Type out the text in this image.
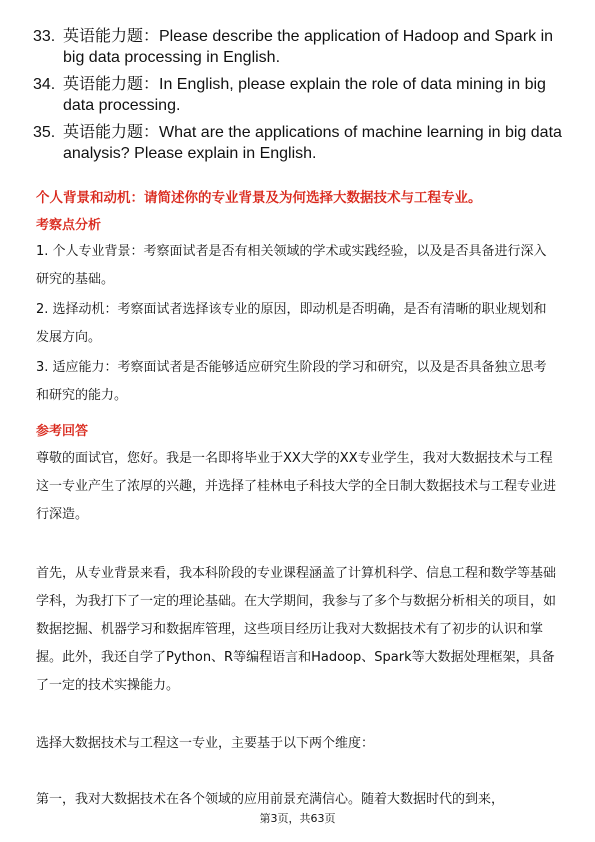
33. 英语能力题：Please describe the application of Hadoop and Spark in big data processing in English.
34. 英语能力题：In English, please explain the role of data mining in big data processing.
35. 英语能力题：What are the applications of machine learning in big data analysis? Please explain in English.
个人背景和动机：请简述你的专业背景及为何选择大数据技术与工程专业。
考察点分析
1. 个人专业背景：考察面试者是否有相关领域的学术或实践经验，以及是否具备进行深入研究的基础。
2. 选择动机：考察面试者选择该专业的原因，即动机是否明确，是否有清晰的职业规划和发展方向。
3. 适应能力：考察面试者是否能够适应研究生阶段的学习和研究，以及是否具备独立思考和研究的能力。
参考回答
尊敬的面试官，您好。我是一名即将毕业于XX大学的XX专业学生，我对大数据技术与工程这一专业产生了浓厚的兴趣，并选择了桂林电子科技大学的全日制大数据技术与工程专业进行深造。
首先，从专业背景来看，我本科阶段的专业课程涵盖了计算机科学、信息工程和数学等基础学科，为我打下了一定的理论基础。在大学期间，我参与了多个与数据分析相关的项目，如数据挖掘、机器学习和数据库管理，这些项目经历让我对大数据技术有了初步的认识和掌握。此外，我还自学了Python、R等编程语言和Hadoop、Spark等大数据处理框架，具备了一定的技术实操能力。
选择大数据技术与工程这一专业，主要基于以下两个维度：
第一，我对大数据技术在各个领域的应用前景充满信心。随着大数据时代的到来，
第3页，共63页
